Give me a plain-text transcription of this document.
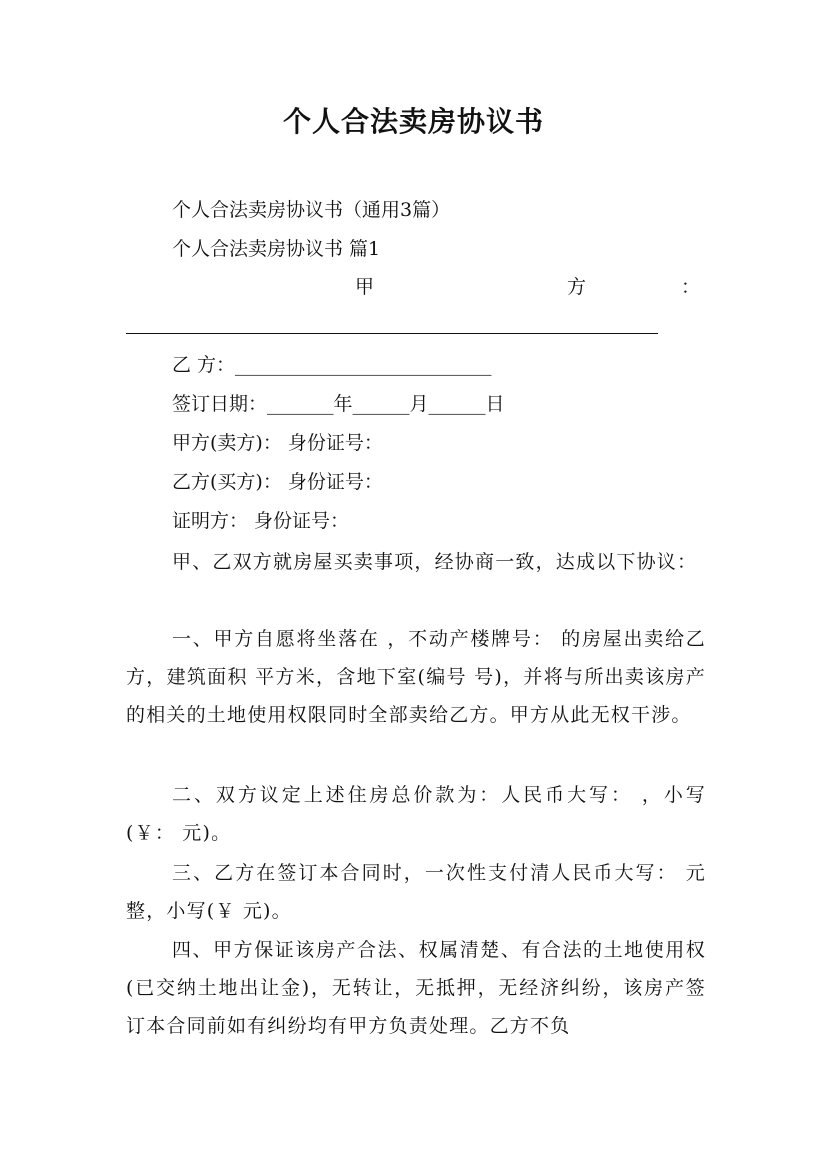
个人合法卖房协议书
个人合法卖房协议书（通用3篇）
个人合法卖房协议书 篇1
甲	方	：
乙 方：___________________________
签订日期：_______年______月______日
甲方(卖方)： 身份证号：
乙方(买方)： 身份证号：
证明方： 身份证号：
甲、乙双方就房屋买卖事项，经协商一致，达成以下协议：
一、甲方自愿将坐落在 ，不动产楼牌号： 的房屋出卖给乙方，建筑面积 平方米，含地下室(编号 号)，并将与所出卖该房产的相关的土地使用权限同时全部卖给乙方。甲方从此无权干涉。
二、双方议定上述住房总价款为：人民币大写： ，小写(￥： 元)。
三、乙方在签订本合同时，一次性支付清人民币大写： 元整，小写(￥ 元)。
四、甲方保证该房产合法、权属清楚、有合法的土地使用权(已交纳土地出让金)，无转让，无抵押，无经济纠纷，该房产签订本合同前如有纠纷均有甲方负责处理。乙方不负
